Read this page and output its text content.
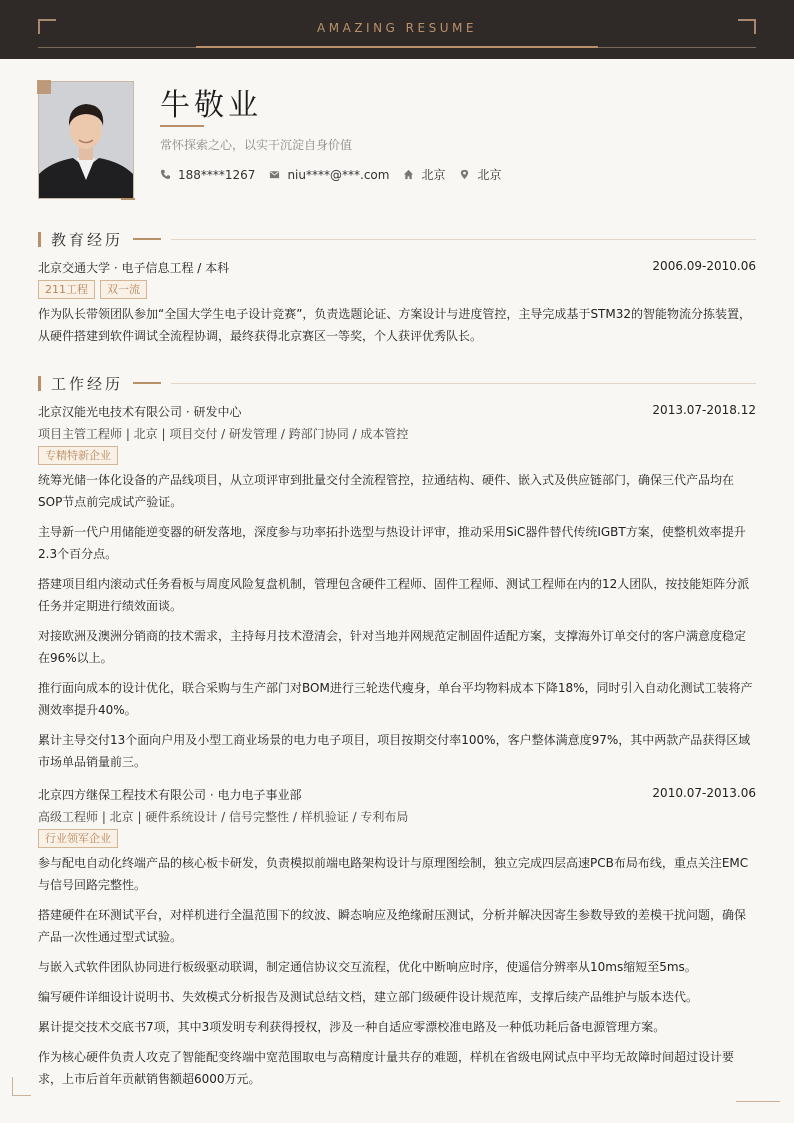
AMAZING RESUME
牛敬业
常怀探索之心，以实干沉淀自身价值
188****1267	niu****@***.com	北京	北京
教育经历
北京交通大学 · 电子信息工程 / 本科	2006.09-2010.06
211工程	双一流
作为队长带领团队参加“全国大学生电子设计竞赛”，负责选题论证、方案设计与进度管控，主导完成基于STM32的智能物流分拣装置，从硬件搭建到软件调试全流程协调，最终获得北京赛区一等奖，个人获评优秀队长。
工作经历
北京汉能光电技术有限公司 · 研发中心	2013.07-2018.12
项目主管工程师 | 北京 | 项目交付 / 研发管理 / 跨部门协同 / 成本管控
专精特新企业
统筹光储一体化设备的产品线项目，从立项评审到批量交付全流程管控，拉通结构、硬件、嵌入式及供应链部门，确保三代产品均在SOP节点前完成试产验证。
主导新一代户用储能逆变器的研发落地，深度参与功率拓扑选型与热设计评审，推动采用SiC器件替代传统IGBT方案，使整机效率提升2.3个百分点。
搭建项目组内滚动式任务看板与周度风险复盘机制，管理包含硬件工程师、固件工程师、测试工程师在内的12人团队，按技能矩阵分派任务并定期进行绩效面谈。
对接欧洲及澳洲分销商的技术需求，主持每月技术澄清会，针对当地并网规范定制固件适配方案，支撑海外订单交付的客户满意度稳定在96%以上。
推行面向成本的设计优化，联合采购与生产部门对BOM进行三轮迭代瘦身，单台平均物料成本下降18%，同时引入自动化测试工装将产测效率提升40%。
累计主导交付13个面向户用及小型工商业场景的电力电子项目，项目按期交付率100%，客户整体满意度97%，其中两款产品获得区域市场单品销量前三。
北京四方继保工程技术有限公司 · 电力电子事业部	2010.07-2013.06
高级工程师 | 北京 | 硬件系统设计 / 信号完整性 / 样机验证 / 专利布局
行业领军企业
参与配电自动化终端产品的核心板卡研发，负责模拟前端电路架构设计与原理图绘制，独立完成四层高速PCB布局布线，重点关注EMC与信号回路完整性。
搭建硬件在环测试平台，对样机进行全温范围下的纹波、瞬态响应及绝缘耐压测试，分析并解决因寄生参数导致的差模干扰问题，确保产品一次性通过型式试验。
与嵌入式软件团队协同进行板级驱动联调，制定通信协议交互流程，优化中断响应时序，使遥信分辨率从10ms缩短至5ms。
编写硬件详细设计说明书、失效模式分析报告及测试总结文档，建立部门级硬件设计规范库，支撑后续产品维护与版本迭代。
累计提交技术交底书7项，其中3项发明专利获得授权，涉及一种自适应零漂校准电路及一种低功耗后备电源管理方案。
作为核心硬件负责人攻克了智能配变终端中宽范围取电与高精度计量共存的难题，样机在省级电网试点中平均无故障时间超过设计要求，上市后首年贡献销售额超6000万元。
